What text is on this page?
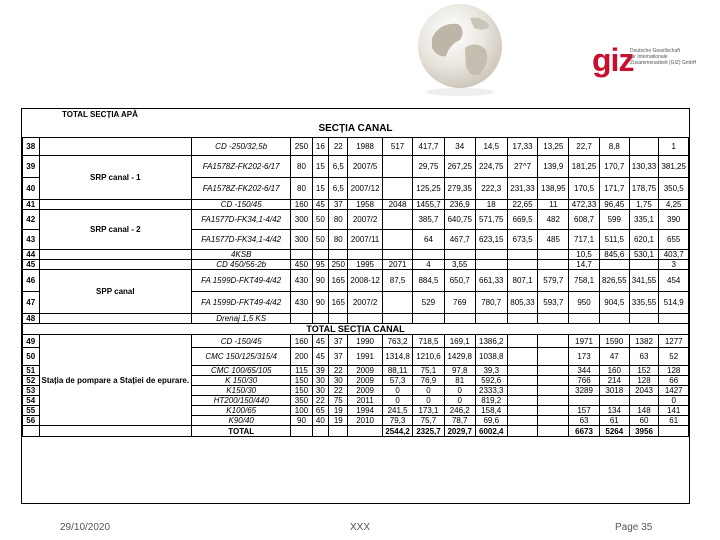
giz
Deutsche Gesellschaft
für Internationale
Zusammenarbeit (GIZ) GmbH
TOTAL SECȚIA APĂ
SECȚIA CANAL
38		CD -250/32,5b	250	16	22	1988	517	417,7	34	14,5	17,33	13,25	22,7	8,8		1
39	SRP canal - 1	FA1578Z-FK202-6/17	80	15	6,5	2007/5		29,75	267,25	224,75	27^7	139,9	181,25	170,7	130,33	381,25
40		FA1578Z-FK202-6/17	80	15	6,5	2007/12		125,25	279,35	222,3	231,33	138,95	170,5	171,7	178,75	350,5
41		CD -150/45	160	45	37	1958	2048	1455,7	236,9	18	22,65	11	472,33	96,45	1,75	4,25
42	SRP canal - 2	FA1577D-FK34,1-4/42	300	50	80	2007/2		385,7	640,75	571,75	669,5	482	608,7	599	335,1	390
43		FA1577D-FK34,1-4/42	300	50	80	2007/11		64	467,7	623,15	673,5	485	717,1	511,5	620,1	655
44		4KSB											10,5	845,6	530,1	403,7
45		CD 450/56-2b	450	95	250	1995	2071	4	3,55				14,7			3
46	SPP canal	FA 1599D-FKT49-4/42	430	90	165	2008-12	87,5	884,5	650,7	661,33	807,1	579,7	758,1	826,55	341,55	454
47		FA 1599D-FKT49-4/42	430	90	165	2007/2		529	769	780,7	805,33	593,7	950	904,5	335,55	514,9
48		Drenaj 1,5 KS														
TOTAL SECȚIA CANAL																
49	Stația de pompare a Stației de epurare.	CD -150/45	160	45	37	1990	763,2	718,5	169,1	1386,2			1971	1590	1382	1277
50		CMC 150/125/315/4	200	45	37	1991	1314,8	1210,6	1429,8	1038,8			173	47	63	52
51		CMC 100/65/105	115	39	22	2009	88,11	75,1	97,8	39,3			344	160	152	128
52		K 150/30	150	30	30	2009	57,3	76,9	81	592,6			766	214	128	66
53		K150/30	150	30	22	2009	0	0	0	2333,3			3289	3018	2043	1427
54		HT200/150/440	350	22	75	2011	0	0	0	819,2						0
55		K100/65	100	65	19	1994	241,5	173,1	246,2	158,4			157	134	148	141
56		K90/40	90	40	19	2010	79,3	75,7	78,7	69,6			63	61	60	61
		TOTAL					2544,2	2325,7	2029,7	6002,4			6673	5264	3956	
29/10/2020	XXX	Page 35
